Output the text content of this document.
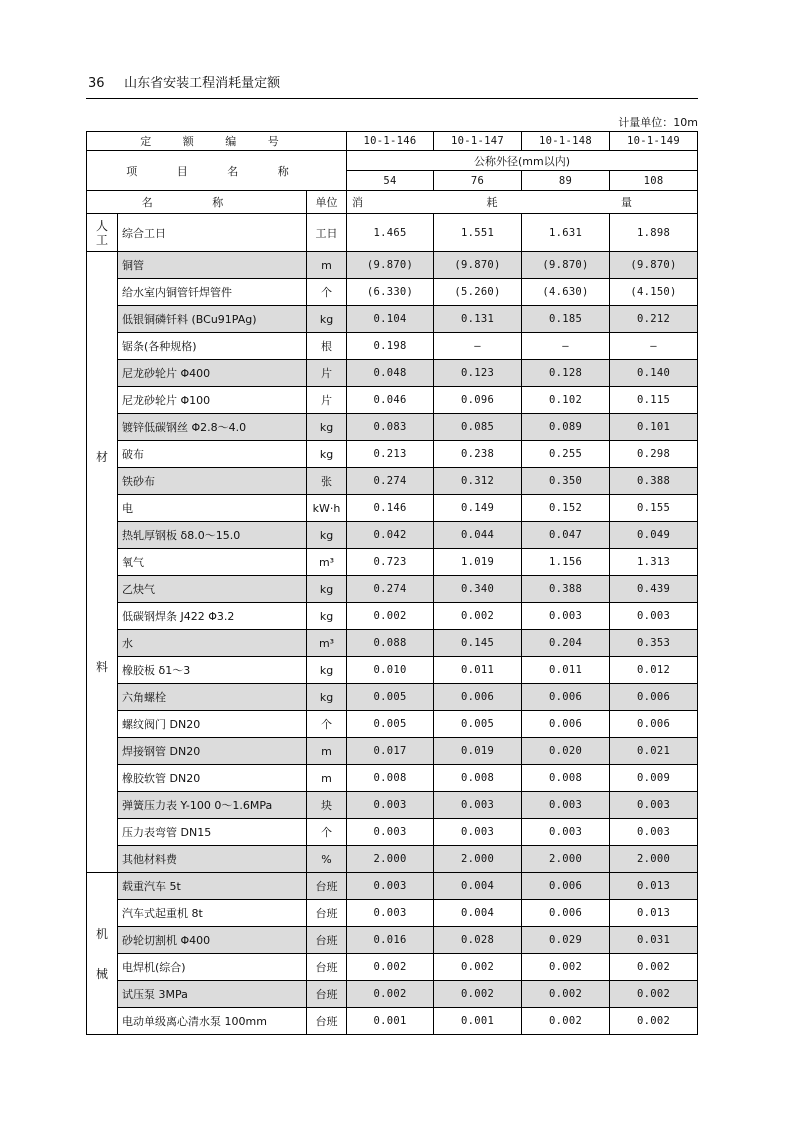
36 山东省安装工程消耗量定额
计量单位：10m
定 额 编 号			10-1-146	10-1-147	10-1-148	10-1-149
项 目 名 称			公称外径(mm以内)			
			54	76	89	108
名 称		单位	消 耗 量			
人工	综合工日	工日	1.465	1.551	1.631	1.898
材 料	铜管	m	(9.870)	(9.870)	(9.870)	(9.870)
	给水室内铜管钎焊管件	个	(6.330)	(5.260)	(4.630)	(4.150)
	低银铜磷钎料 (BCu91PAg)	kg	0.104	0.131	0.185	0.212
	锯条(各种规格)	根	0.198	—	—	—
	尼龙砂轮片 Φ400	片	0.048	0.123	0.128	0.140
	尼龙砂轮片 Φ100	片	0.046	0.096	0.102	0.115
	镀锌低碳钢丝 Φ2.8～4.0	kg	0.083	0.085	0.089	0.101
	破布	kg	0.213	0.238	0.255	0.298
	铁砂布	张	0.274	0.312	0.350	0.388
	电	kW·h	0.146	0.149	0.152	0.155
	热轧厚钢板 δ8.0～15.0	kg	0.042	0.044	0.047	0.049
	氧气	m³	0.723	1.019	1.156	1.313
	乙炔气	kg	0.274	0.340	0.388	0.439
	低碳钢焊条 J422 Φ3.2	kg	0.002	0.002	0.003	0.003
	水	m³	0.088	0.145	0.204	0.353
	橡胶板 δ1～3	kg	0.010	0.011	0.011	0.012
	六角螺栓	kg	0.005	0.006	0.006	0.006
	螺纹阀门 DN20	个	0.005	0.005	0.006	0.006
	焊接钢管 DN20	m	0.017	0.019	0.020	0.021
	橡胶软管 DN20	m	0.008	0.008	0.008	0.009
	弹簧压力表 Y-100 0～1.6MPa	块	0.003	0.003	0.003	0.003
	压力表弯管 DN15	个	0.003	0.003	0.003	0.003
	其他材料费	%	2.000	2.000	2.000	2.000
机 械	载重汽车 5t	台班	0.003	0.004	0.006	0.013
	汽车式起重机 8t	台班	0.003	0.004	0.006	0.013
	砂轮切割机 Φ400	台班	0.016	0.028	0.029	0.031
	电焊机(综合)	台班	0.002	0.002	0.002	0.002
	试压泵 3MPa	台班	0.002	0.002	0.002	0.002
	电动单级离心清水泵 100mm	台班	0.001	0.001	0.002	0.002
